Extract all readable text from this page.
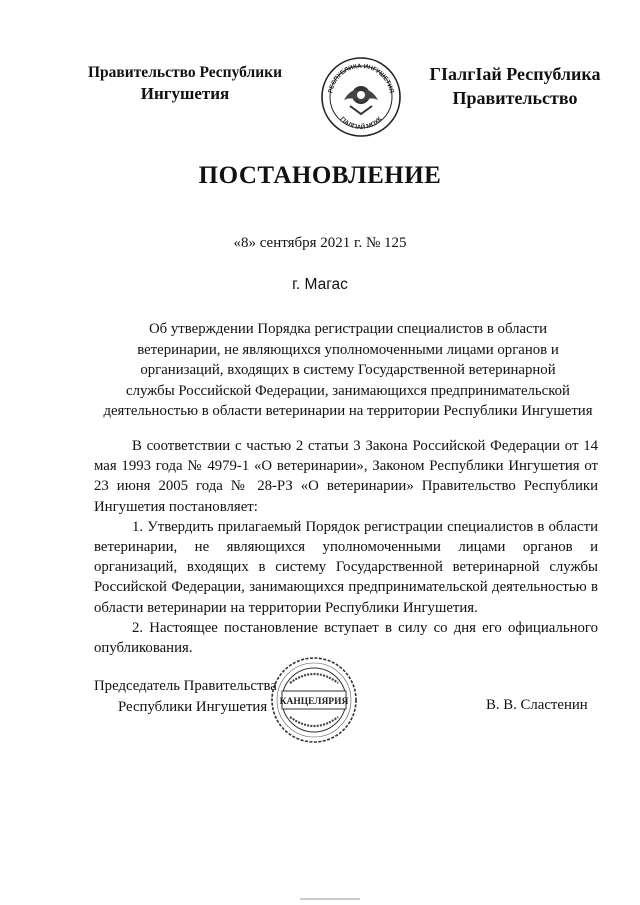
Правительство Республики
Ингушетия	РЕСПУБЛИКА ИНГУШЕТИЯ
ГIАЛГIАЙ МОХК
ГIалгIай Республика
Правительство
ПОСТАНОВЛЕНИЕ
«8» сентября 2021 г. № 125
г. Магас
Об утверждении Порядка регистрации специалистов в области
ветеринарии, не являющихся уполномоченными лицами органов и
организаций, входящих в систему Государственной ветеринарной
службы Российской Федерации, занимающихся предпринимательской
деятельностью в области ветеринарии на территории Республики Ингушетия

В соответствии с частью 2 статьи 3 Закона Российской Федерации от 14 мая 1993 года № 4979-1 «О ветеринарии», Законом Республики Ингушетия от 23 июня 2005 года № 28-РЗ «О ветеринарии» Правительство Республики Ингушетия постановляет:

1. Утвердить прилагаемый Порядок регистрации специалистов в области ветеринарии, не являющихся уполномоченными лицами органов и организаций, входящих в систему Государственной ветеринарной службы Российской Федерации, занимающихся предпринимательской деятельностью в области ветеринарии на территории Республики Ингушетия.

2. Настоящее постановление вступает в силу со дня его официального опубликования.

Председатель Правительства
Республики Ингушетия	КАНЦЕЛЯРИЯ	В. В. Сластенин
